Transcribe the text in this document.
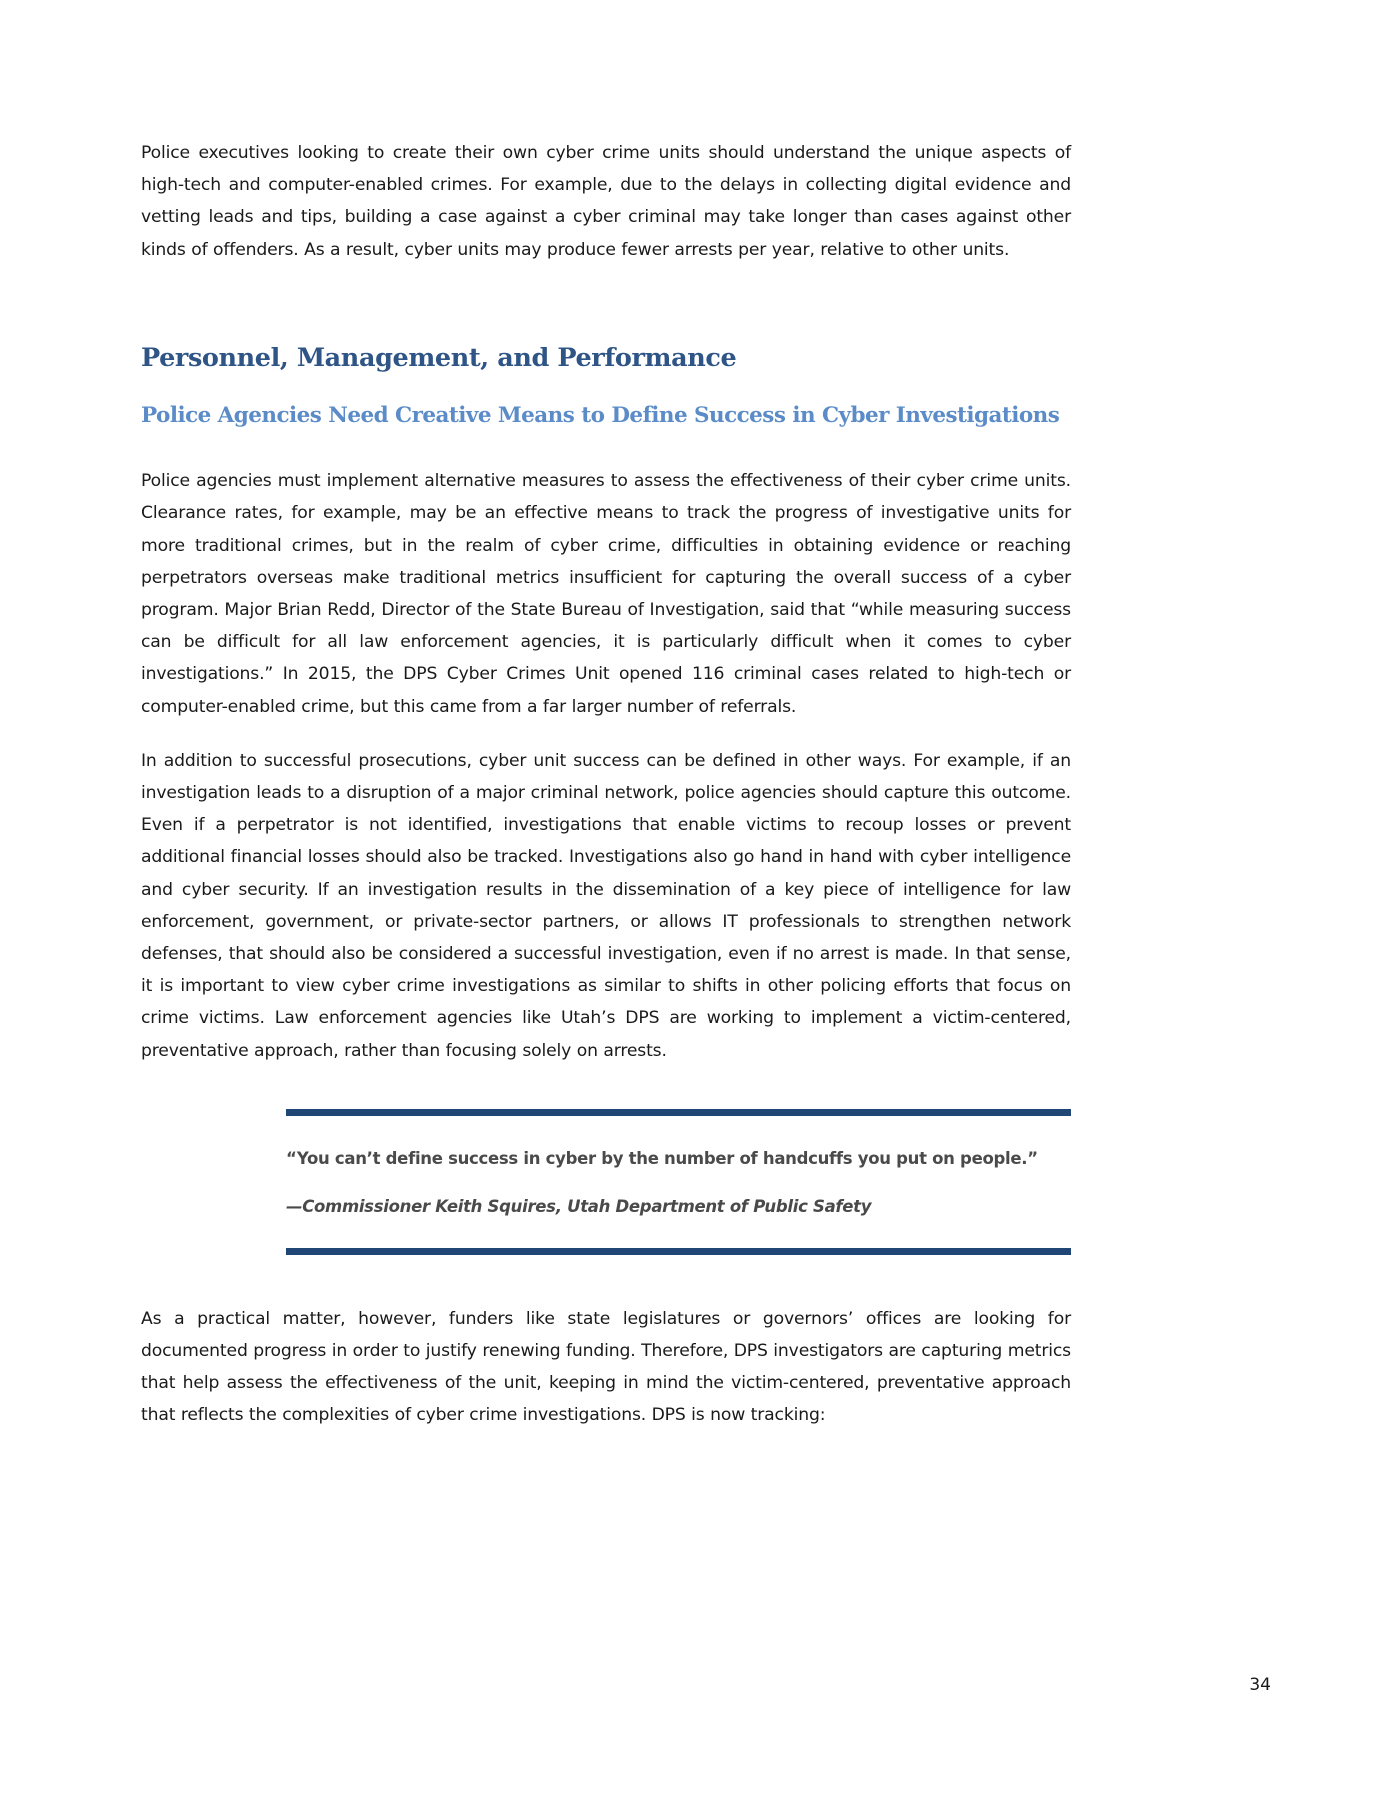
Police executives looking to create their own cyber crime units should understand the unique aspects of high-tech and computer-enabled crimes. For example, due to the delays in collecting digital evidence and vetting leads and tips, building a case against a cyber criminal may take longer than cases against other kinds of offenders. As a result, cyber units may produce fewer arrests per year, relative to other units.

Personnel, Management, and Performance
Police Agencies Need Creative Means to Define Success in Cyber Investigations

Police agencies must implement alternative measures to assess the effectiveness of their cyber crime units. Clearance rates, for example, may be an effective means to track the progress of investigative units for more traditional crimes, but in the realm of cyber crime, difficulties in obtaining evidence or reaching perpetrators overseas make traditional metrics insufficient for capturing the overall success of a cyber program. Major Brian Redd, Director of the State Bureau of Investigation, said that “while measuring success can be difficult for all law enforcement agencies, it is particularly difficult when it comes to cyber investigations.” In 2015, the DPS Cyber Crimes Unit opened 116 criminal cases related to high-tech or computer-enabled crime, but this came from a far larger number of referrals.

In addition to successful prosecutions, cyber unit success can be defined in other ways. For example, if an investigation leads to a disruption of a major criminal network, police agencies should capture this outcome. Even if a perpetrator is not identified, investigations that enable victims to recoup losses or prevent additional financial losses should also be tracked. Investigations also go hand in hand with cyber intelligence and cyber security. If an investigation results in the dissemination of a key piece of intelligence for law enforcement, government, or private-sector partners, or allows IT professionals to strengthen network defenses, that should also be considered a successful investigation, even if no arrest is made. In that sense, it is important to view cyber crime investigations as similar to shifts in other policing efforts that focus on crime victims. Law enforcement agencies like Utah’s DPS are working to implement a victim-centered, preventative approach, rather than focusing solely on arrests.

“You can’t define success in cyber by the number of handcuffs you put on people.”

—Commissioner Keith Squires, Utah Department of Public Safety

As a practical matter, however, funders like state legislatures or governors’ offices are looking for documented progress in order to justify renewing funding. Therefore, DPS investigators are capturing metrics that help assess the effectiveness of the unit, keeping in mind the victim-centered, preventative approach that reflects the complexities of cyber crime investigations. DPS is now tracking:

34
